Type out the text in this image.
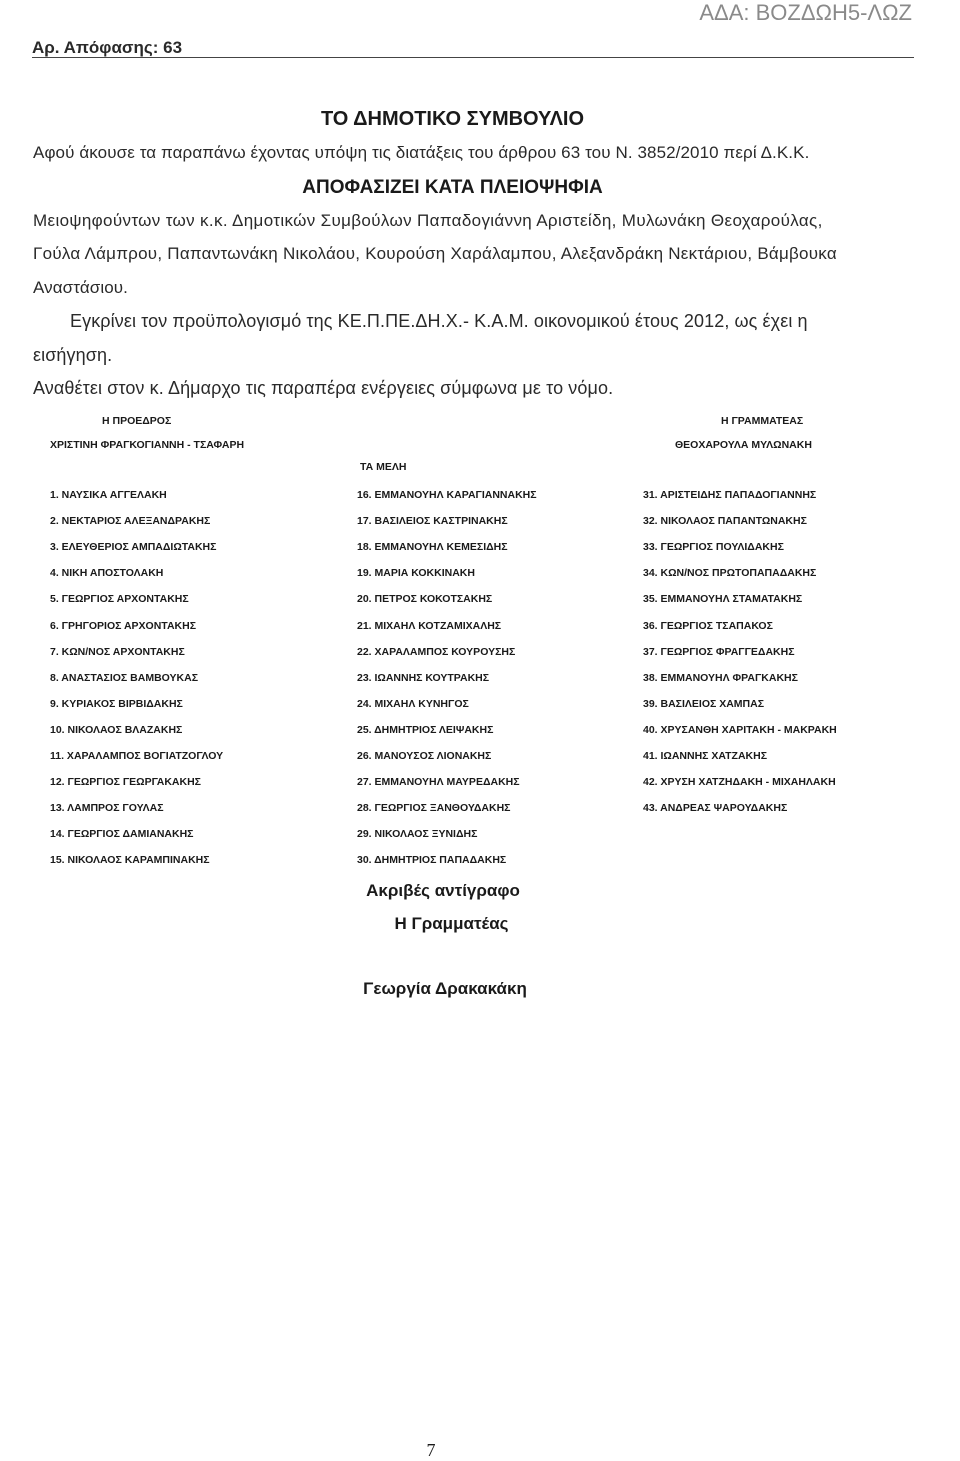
ΑΔΑ: ΒΟΖΔΩΗ5-ΛΩΖ
Αρ. Απόφασης: 63
ΤΟ ΔΗΜΟΤΙΚΟ ΣΥΜΒΟΥΛΙΟ
Αφού άκουσε τα παραπάνω έχοντας υπόψη τις διατάξεις του άρθρου 63 του Ν. 3852/2010 περί Δ.Κ.Κ.
ΑΠΟΦΑΣΙΖΕΙ ΚΑΤΑ ΠΛΕΙΟΨΗΦΙΑ
Μειοψηφούντων των κ.κ. Δημοτικών Συμβούλων Παπαδογιάννη Αριστείδη, Μυλωνάκη Θεοχαρούλας,
Γούλα Λάμπρου, Παπαντωνάκη Νικολάου, Κουρούση Χαράλαμπου, Αλεξανδράκη Νεκτάριου, Βάμβουκα
Αναστάσιου.
Εγκρίνει τον προϋπολογισμό της ΚΕ.Π.ΠΕ.ΔΗ.Χ.- Κ.Α.Μ. οικονομικού έτους 2012, ως έχει η
εισήγηση.
Αναθέτει στον κ. Δήμαρχο τις παραπέρα ενέργειες σύμφωνα με το νόμο.
Η ΠΡΟΕΔΡΟΣ	Η ΓΡΑΜΜΑΤΕΑΣ
ΧΡΙΣΤΙΝΗ ΦΡΑΓΚΟΓΙΑΝΝΗ - ΤΣΑΦΑΡΗ	ΘΕΟΧΑΡΟΥΛΑ ΜΥΛΩΝΑΚΗ
ΤΑ ΜΕΛΗ
1. ΝΑΥΣΙΚΑ ΑΓΓΕΛΑΚΗ
2. ΝΕΚΤΑΡΙΟΣ ΑΛΕΞΑΝΔΡΑΚΗΣ
3. ΕΛΕΥΘΕΡΙΟΣ ΑΜΠΑΔΙΩΤΑΚΗΣ
4. ΝΙΚΗ ΑΠΟΣΤΟΛΑΚΗ
5. ΓΕΩΡΓΙΟΣ ΑΡΧΟΝΤΑΚΗΣ
6. ΓΡΗΓΟΡΙΟΣ ΑΡΧΟΝΤΑΚΗΣ
7. ΚΩΝ/ΝΟΣ ΑΡΧΟΝΤΑΚΗΣ
8. ΑΝΑΣΤΑΣΙΟΣ ΒΑΜΒΟΥΚΑΣ
9. ΚΥΡΙΑΚΟΣ ΒΙΡΒΙΔΑΚΗΣ
10. ΝΙΚΟΛΑΟΣ ΒΛΑΖΑΚΗΣ
11. ΧΑΡΑΛΑΜΠΟΣ ΒΟΓΙΑΤΖΟΓΛΟΥ
12. ΓΕΩΡΓΙΟΣ ΓΕΩΡΓΑΚΑΚΗΣ
13. ΛΑΜΠΡΟΣ ΓΟΥΛΑΣ
14. ΓΕΩΡΓΙΟΣ ΔΑΜΙΑΝΑΚΗΣ
15. ΝΙΚΟΛΑΟΣ ΚΑΡΑΜΠΙΝΑΚΗΣ
16. ΕΜΜΑΝΟΥΗΛ ΚΑΡΑΓΙΑΝΝΑΚΗΣ
17. ΒΑΣΙΛΕΙΟΣ ΚΑΣΤΡΙΝΑΚΗΣ
18. ΕΜΜΑΝΟΥΗΛ ΚΕΜΕΣΙΔΗΣ
19. ΜΑΡΙΑ ΚΟΚΚΙΝΑΚΗ
20. ΠΕΤΡΟΣ ΚΟΚΟΤΣΑΚΗΣ
21. ΜΙΧΑΗΛ ΚΟΤΖΑΜΙΧΑΛΗΣ
22. ΧΑΡΑΛΑΜΠΟΣ ΚΟΥΡΟΥΣΗΣ
23. ΙΩΑΝΝΗΣ ΚΟΥΤΡΑΚΗΣ
24. ΜΙΧΑΗΛ ΚΥΝΗΓΟΣ
25. ΔΗΜΗΤΡΙΟΣ ΛΕΙΨΑΚΗΣ
26. ΜΑΝΟΥΣΟΣ ΛΙΟΝΑΚΗΣ
27. ΕΜΜΑΝΟΥΗΛ ΜΑΥΡΕΔΑΚΗΣ
28. ΓΕΩΡΓΙΟΣ ΞΑΝΘΟΥΔΑΚΗΣ
29. ΝΙΚΟΛΑΟΣ ΞΥΝΙΔΗΣ
30. ΔΗΜΗΤΡΙΟΣ ΠΑΠΑΔΑΚΗΣ
31. ΑΡΙΣΤΕΙΔΗΣ ΠΑΠΑΔΟΓΙΑΝΝΗΣ
32. ΝΙΚΟΛΑΟΣ ΠΑΠΑΝΤΩΝΑΚΗΣ
33. ΓΕΩΡΓΙΟΣ ΠΟΥΛΙΔΑΚΗΣ
34. ΚΩΝ/ΝΟΣ ΠΡΩΤΟΠΑΠΑΔΑΚΗΣ
35. ΕΜΜΑΝΟΥΗΛ ΣΤΑΜΑΤΑΚΗΣ
36. ΓΕΩΡΓΙΟΣ ΤΣΑΠΑΚΟΣ
37. ΓΕΩΡΓΙΟΣ ΦΡΑΓΓΕΔΑΚΗΣ
38. ΕΜΜΑΝΟΥΗΛ ΦΡΑΓΚΑΚΗΣ
39. ΒΑΣΙΛΕΙΟΣ ΧΑΜΠΑΣ
40. ΧΡΥΣΑΝΘΗ ΧΑΡΙΤΑΚΗ - ΜΑΚΡΑΚΗ
41. ΙΩΑΝΝΗΣ ΧΑΤΖΑΚΗΣ
42. ΧΡΥΣΗ ΧΑΤΖΗΔΑΚΗ - ΜΙΧΑΗΛΑΚΗ
43. ΑΝΔΡΕΑΣ ΨΑΡΟΥΔΑΚΗΣ
Ακριβές αντίγραφο
Η Γραμματέας
Γεωργία Δρακακάκη
7
